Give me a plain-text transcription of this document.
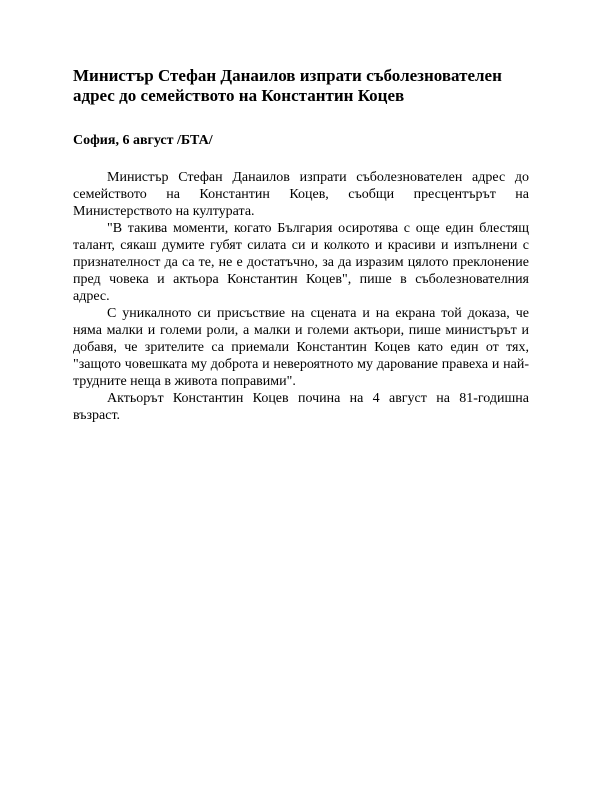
Министър Стефан Данаилов изпрати съболезнователен адрес до семейството на Константин Коцев

София, 6 август /БТА/

Министър Стефан Данаилов изпрати съболезнователен адрес до семейството на Константин Коцев, съобщи пресцентърът на Министерството на културата.

"В такива моменти, когато България осиротява с още един блестящ талант, сякаш думите губят силата си и колкото и красиви и изпълнени с признателност да са те, не е достатъчно, за да изразим цялото преклонение пред човека и актьора Константин Коцев", пише в съболезнователния адрес.

С уникалното си присъствие на сцената и на екрана той доказа, че няма малки и големи роли, а малки и големи актьори, пише министърът и добавя, че зрителите са приемали Константин Коцев като един от тях, "защото човешката му доброта и невероятното му дарование правеха и най-трудните неща в живота поправими".

Актьорът Константин Коцев почина на 4 август на 81-годишна възраст.
